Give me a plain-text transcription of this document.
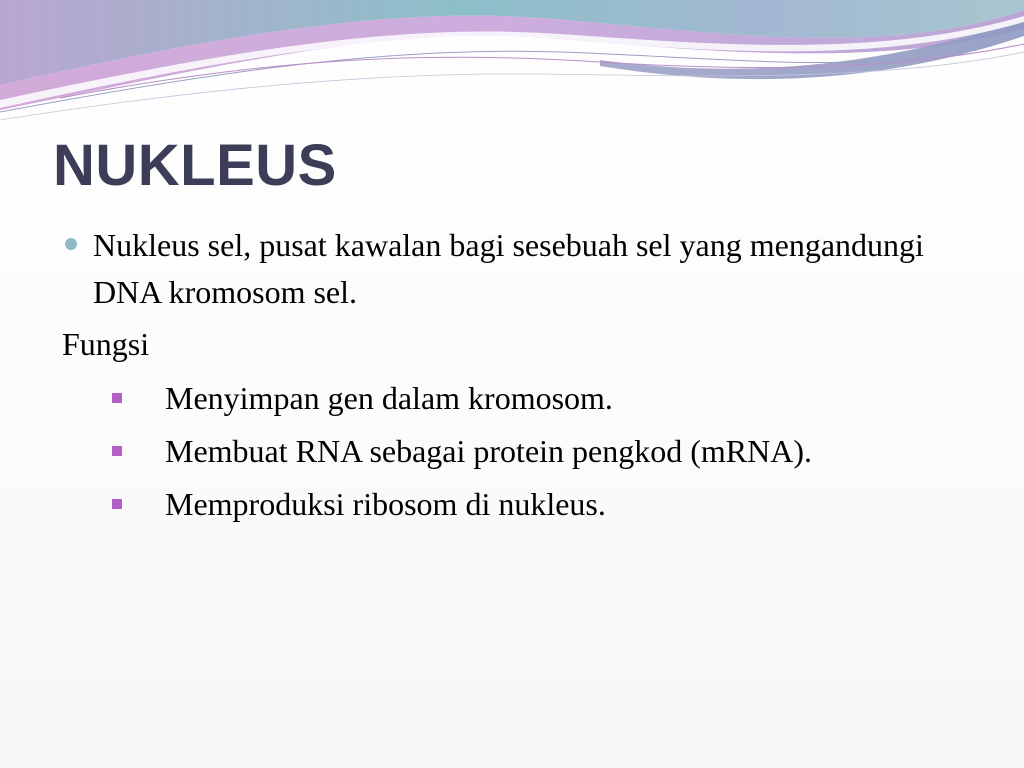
NUKLEUS

Nukleus sel, pusat kawalan bagi sesebuah sel yang mengandungi DNA kromosom sel.

Fungsi

Menyimpan gen dalam kromosom.
Membuat RNA sebagai protein pengkod (mRNA).
Memproduksi ribosom di nukleus.
